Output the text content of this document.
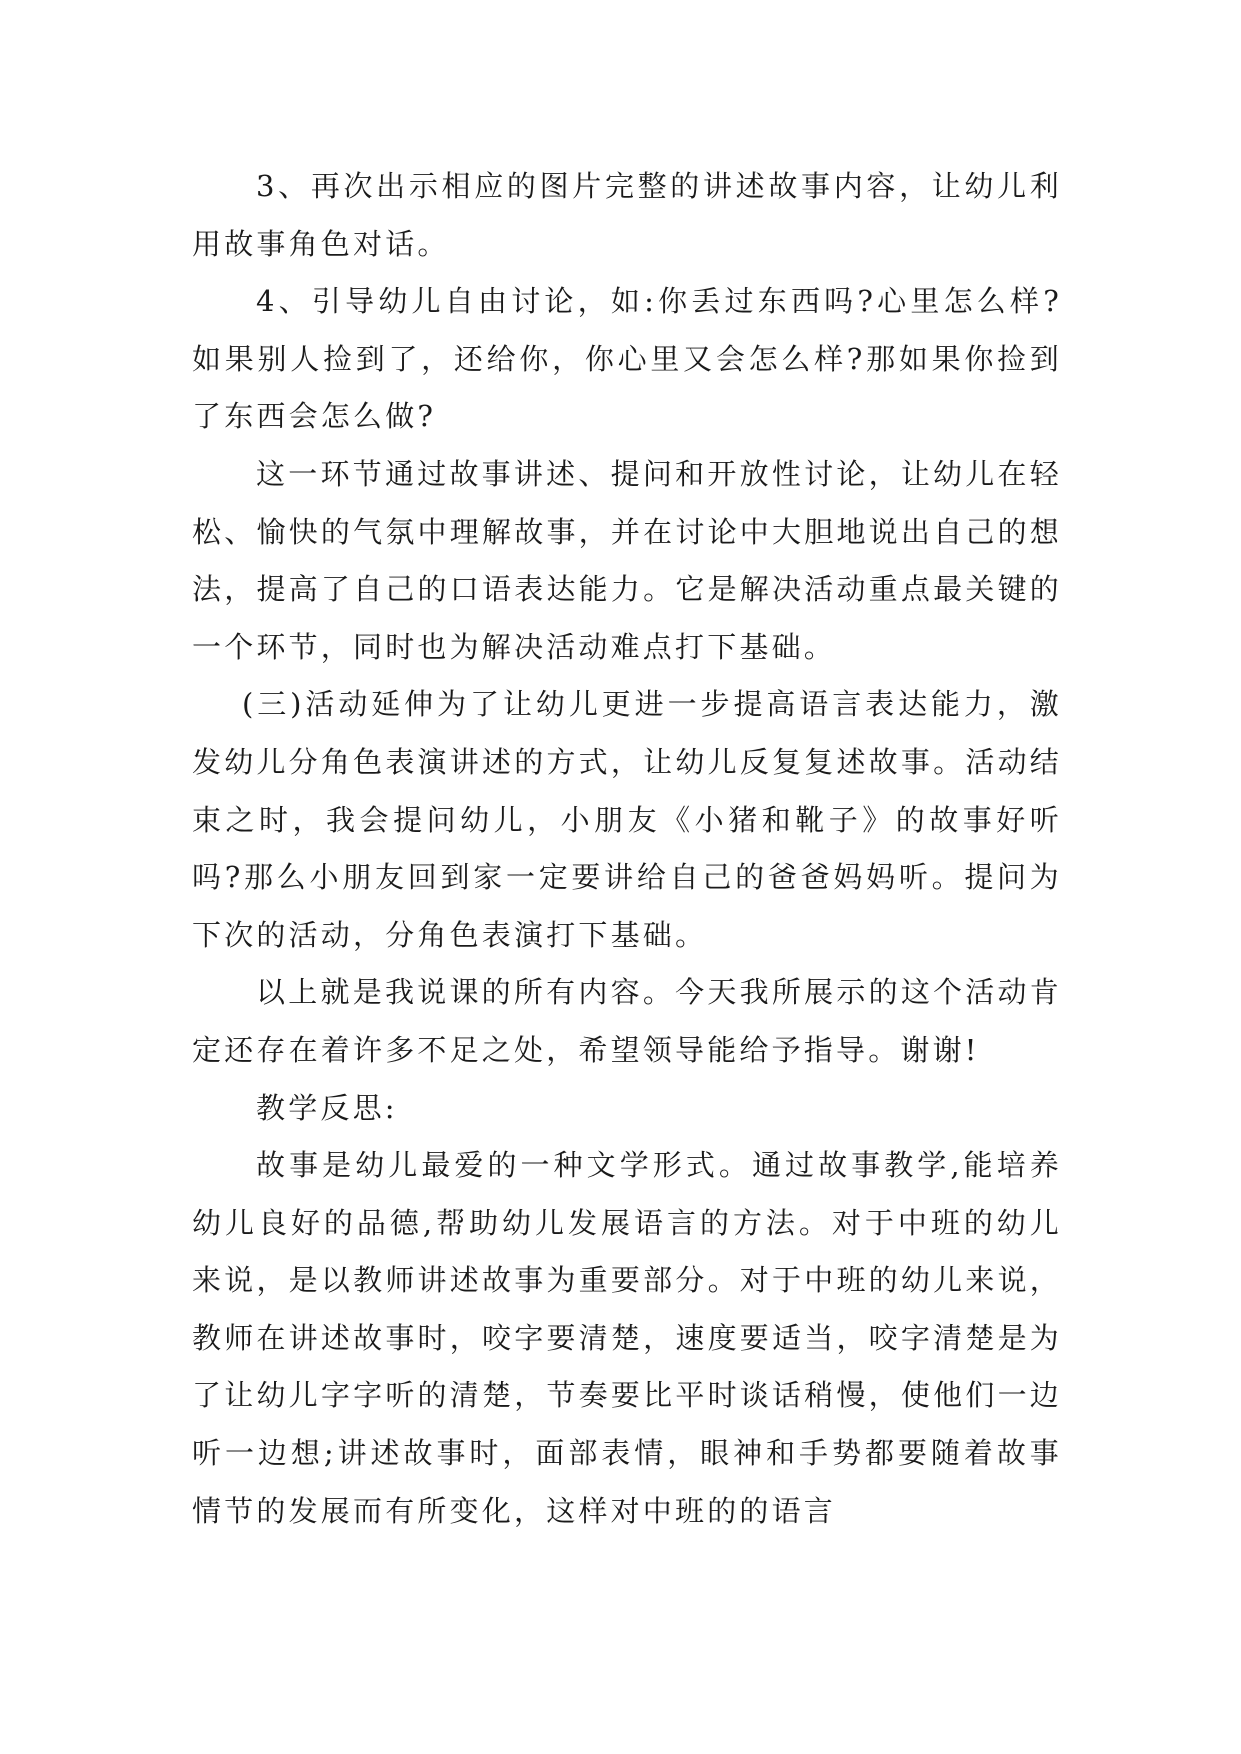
3、再次出示相应的图片完整的讲述故事内容，让幼儿利用故事角色对话。

4、引导幼儿自由讨论，如:你丢过东西吗?心里怎么样?如果别人捡到了，还给你，你心里又会怎么样?那如果你捡到了东西会怎么做?

这一环节通过故事讲述、提问和开放性讨论，让幼儿在轻松、愉快的气氛中理解故事，并在讨论中大胆地说出自己的想法，提高了自己的口语表达能力。它是解决活动重点最关键的一个环节，同时也为解决活动难点打下基础。

(三)活动延伸为了让幼儿更进一步提高语言表达能力，激发幼儿分角色表演讲述的方式，让幼儿反复复述故事。活动结束之时，我会提问幼儿，小朋友《小猪和靴子》的故事好听吗?那么小朋友回到家一定要讲给自己的爸爸妈妈听。提问为下次的活动，分角色表演打下基础。

以上就是我说课的所有内容。今天我所展示的这个活动肯定还存在着许多不足之处，希望领导能给予指导。谢谢!

教学反思:

故事是幼儿最爱的一种文学形式。通过故事教学,能培养幼儿良好的品德,帮助幼儿发展语言的方法。对于中班的幼儿来说，是以教师讲述故事为重要部分。对于中班的幼儿来说，教师在讲述故事时，咬字要清楚，速度要适当，咬字清楚是为了让幼儿字字听的清楚，节奏要比平时谈话稍慢，使他们一边听一边想;讲述故事时，面部表情，眼神和手势都要随着故事情节的发展而有所变化，这样对中班的的语言
